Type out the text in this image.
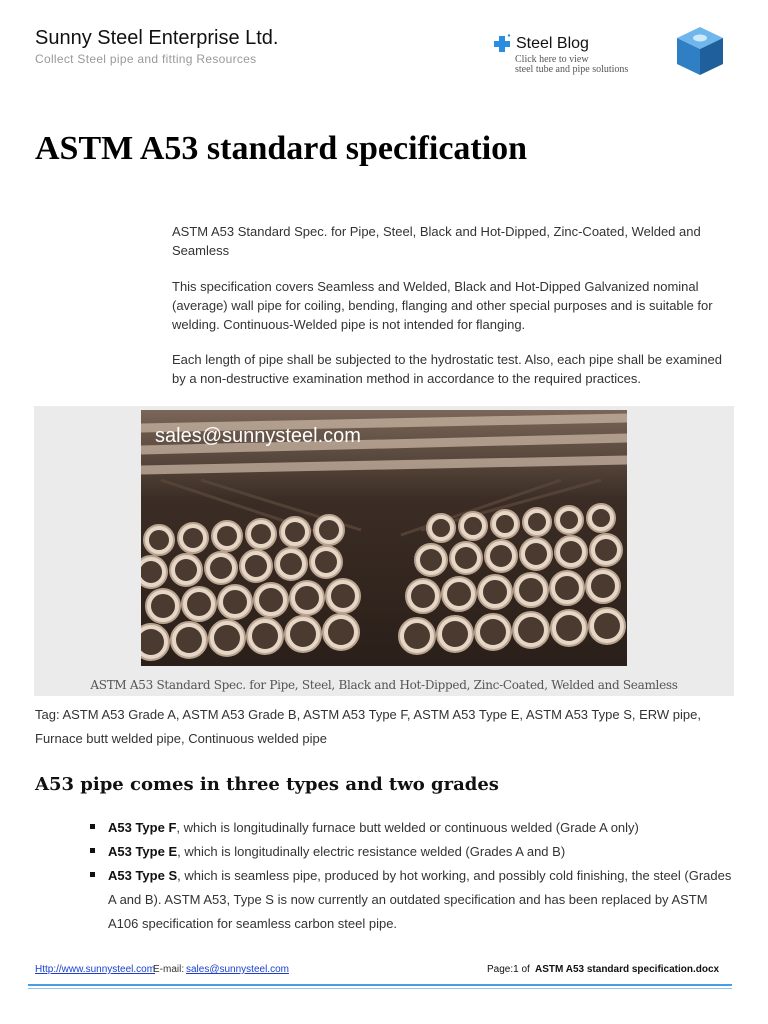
Sunny Steel Enterprise Ltd.
Collect Steel pipe and fitting Resources
Steel Blog
Click here to view
steel tube and pipe solutions
ASTM A53 standard specification
ASTM A53 Standard Spec. for Pipe, Steel, Black and Hot-Dipped, Zinc-Coated, Welded and Seamless
This specification covers Seamless and Welded, Black and Hot-Dipped Galvanized nominal (average) wall pipe for coiling, bending, flanging and other special purposes and is suitable for welding. Continuous-Welded pipe is not intended for flanging.
Each length of pipe shall be subjected to the hydrostatic test. Also, each pipe shall be examined by a non-destructive examination method in accordance to the required practices.
sales@sunnysteel.com
ASTM A53 Standard Spec. for Pipe, Steel, Black and Hot-Dipped, Zinc-Coated, Welded and Seamless
Tag: ASTM A53 Grade A, ASTM A53 Grade B, ASTM A53 Type F, ASTM A53 Type E, ASTM A53 Type S, ERW pipe, Furnace butt welded pipe, Continuous welded pipe
A53 pipe comes in three types and two grades
A53 Type F, which is longitudinally furnace butt welded or continuous welded (Grade A only)
A53 Type E, which is longitudinally electric resistance welded (Grades A and B)
A53 Type S, which is seamless pipe, produced by hot working, and possibly cold finishing, the steel (Grades A and B). ASTM A53, Type S is now currently an outdated specification and has been replaced by ASTM A106 specification for seamless carbon steel pipe.
Http://www.sunnysteel.com
E-mail: sales@sunnysteel.com	Page:1 of ASTM A53 standard specification.docx
